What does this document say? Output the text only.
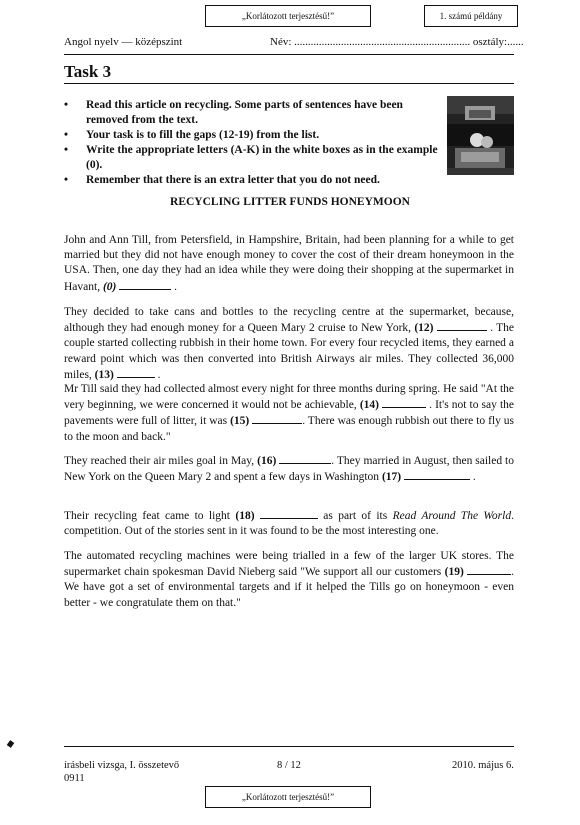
„Korlátozott terjesztésű!”	1. számú példány
Angol nyelv — középszint	Név: ................................................................ osztály:......
Task 3
• Read this article on recycling. Some parts of sentences have been removed from the text.
• Your task is to fill the gaps (12-19) from the list.
• Write the appropriate letters (A-K) in the white boxes as in the example (0).
• Remember that there is an extra letter that you do not need.
RECYCLING LITTER FUNDS HONEYMOON
John and Ann Till, from Petersfield, in Hampshire, Britain, had been planning for a while to get married but they did not have enough money to cover the cost of their dream honeymoon in the USA. Then, one day they had an idea while they were doing their shopping at the supermarket in Havant, (0)	.
They decided to take cans and bottles to the recycling centre at the supermarket, because, although they had enough money for a Queen Mary 2 cruise to New York, (12)	. The couple started collecting rubbish in their home town. For every four recycled items, they earned a reward point which was then converted into British Airways air miles. They collected 36,000 miles, (13)	.
Mr Till said they had collected almost every night for three months during spring. He said "At the very beginning, we were concerned it would not be achievable, (14)	. It's not to say the pavements were full of litter, it was (15)	. There was enough rubbish out there to fly us to the moon and back."
They reached their air miles goal in May, (16)	. They married in August, then sailed to New York on the Queen Mary 2 and spent a few days in Washington (17)	.
Their recycling feat came to light (18)	as part of its Read Around The World. competition. Out of the stories sent in it was found to be the most interesting one.
The automated recycling machines were being trialled in a few of the larger UK stores. The supermarket chain spokesman David Nieberg said "We support all our customers (19)	. We have got a set of environmental targets and if it helped the Tills go on honeymoon - even better - we congratulate them on that."
írásbeli vizsga, I. összetevő
0911
8 / 12	2010. május 6.
„Korlátozott terjesztésű!”
